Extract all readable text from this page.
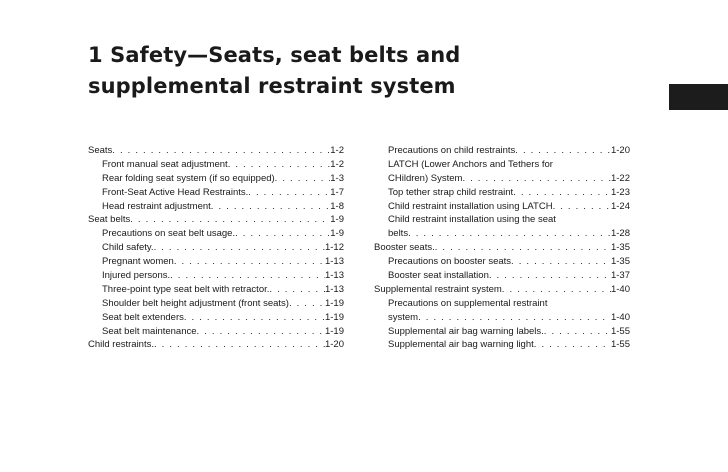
1 Safety—Seats, seat belts and
supplemental restraint system
Seats . . .	1-2
Front manual seat adjustment . . .	1-2
Rear folding seat system (if so equipped) . . .	1-3
Front-Seat Active Head Restraints. . . .	1-7
Head restraint adjustment . . .	1-8
Seat belts . . .	1-9
Precautions on seat belt usage. . . .	1-9
Child safety. . . .	1-12
Pregnant women . . .	1-13
Injured persons. . . .	1-13
Three-point type seat belt with retractor. . . .	1-13
Shoulder belt height adjustment (front seats) . . .	1-19
Seat belt extenders . . .	1-19
Seat belt maintenance . . .	1-19
Child restraints. . . .	1-20
Precautions on child restraints . . .	1-20
LATCH (Lower Anchors and Tethers for
CHildren) System . . .	1-22
Top tether strap child restraint . . .	1-23
Child restraint installation using LATCH . . .	1-24
Child restraint installation using the seat
belts . . .	1-28
Booster seats. . . .	1-35
Precautions on booster seats . . .	1-35
Booster seat installation . . .	1-37
Supplemental restraint system . . .	1-40
Precautions on supplemental restraint
system . . .	1-40
Supplemental air bag warning labels. . . .	1-55
Supplemental air bag warning light . . .	1-55
